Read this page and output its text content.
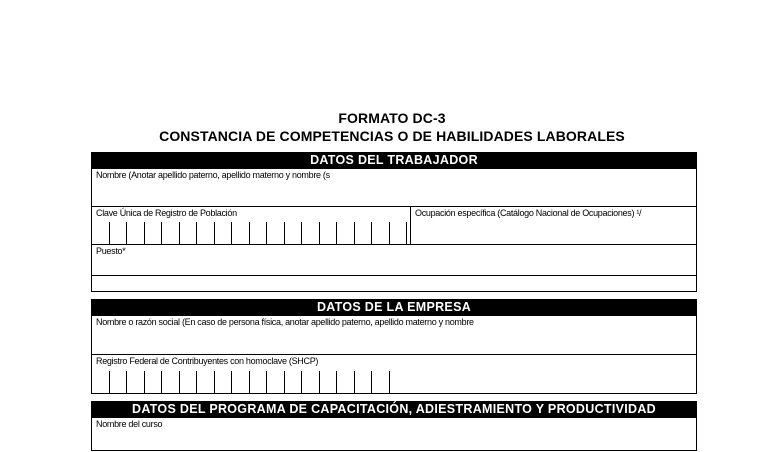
FORMATO DC-3
CONSTANCIA DE COMPETENCIAS O DE HABILIDADES LABORALES
DATOS DEL TRABAJADOR
Nombre (Anotar apellido paterno, apellido materno y nombre (s
Clave Única de Registro de Población	Ocupación específica (Catálogo Nacional de Ocupaciones) ¹/
Puesto*
DATOS DE LA EMPRESA
Nombre o razón social (En caso de persona física, anotar apellido paterno, apellido materno y nombre
Registro Federal de Contribuyentes con homoclave (SHCP)
DATOS DEL PROGRAMA DE CAPACITACIÓN, ADIESTRAMIENTO Y PRODUCTIVIDAD
Nombre del curso
